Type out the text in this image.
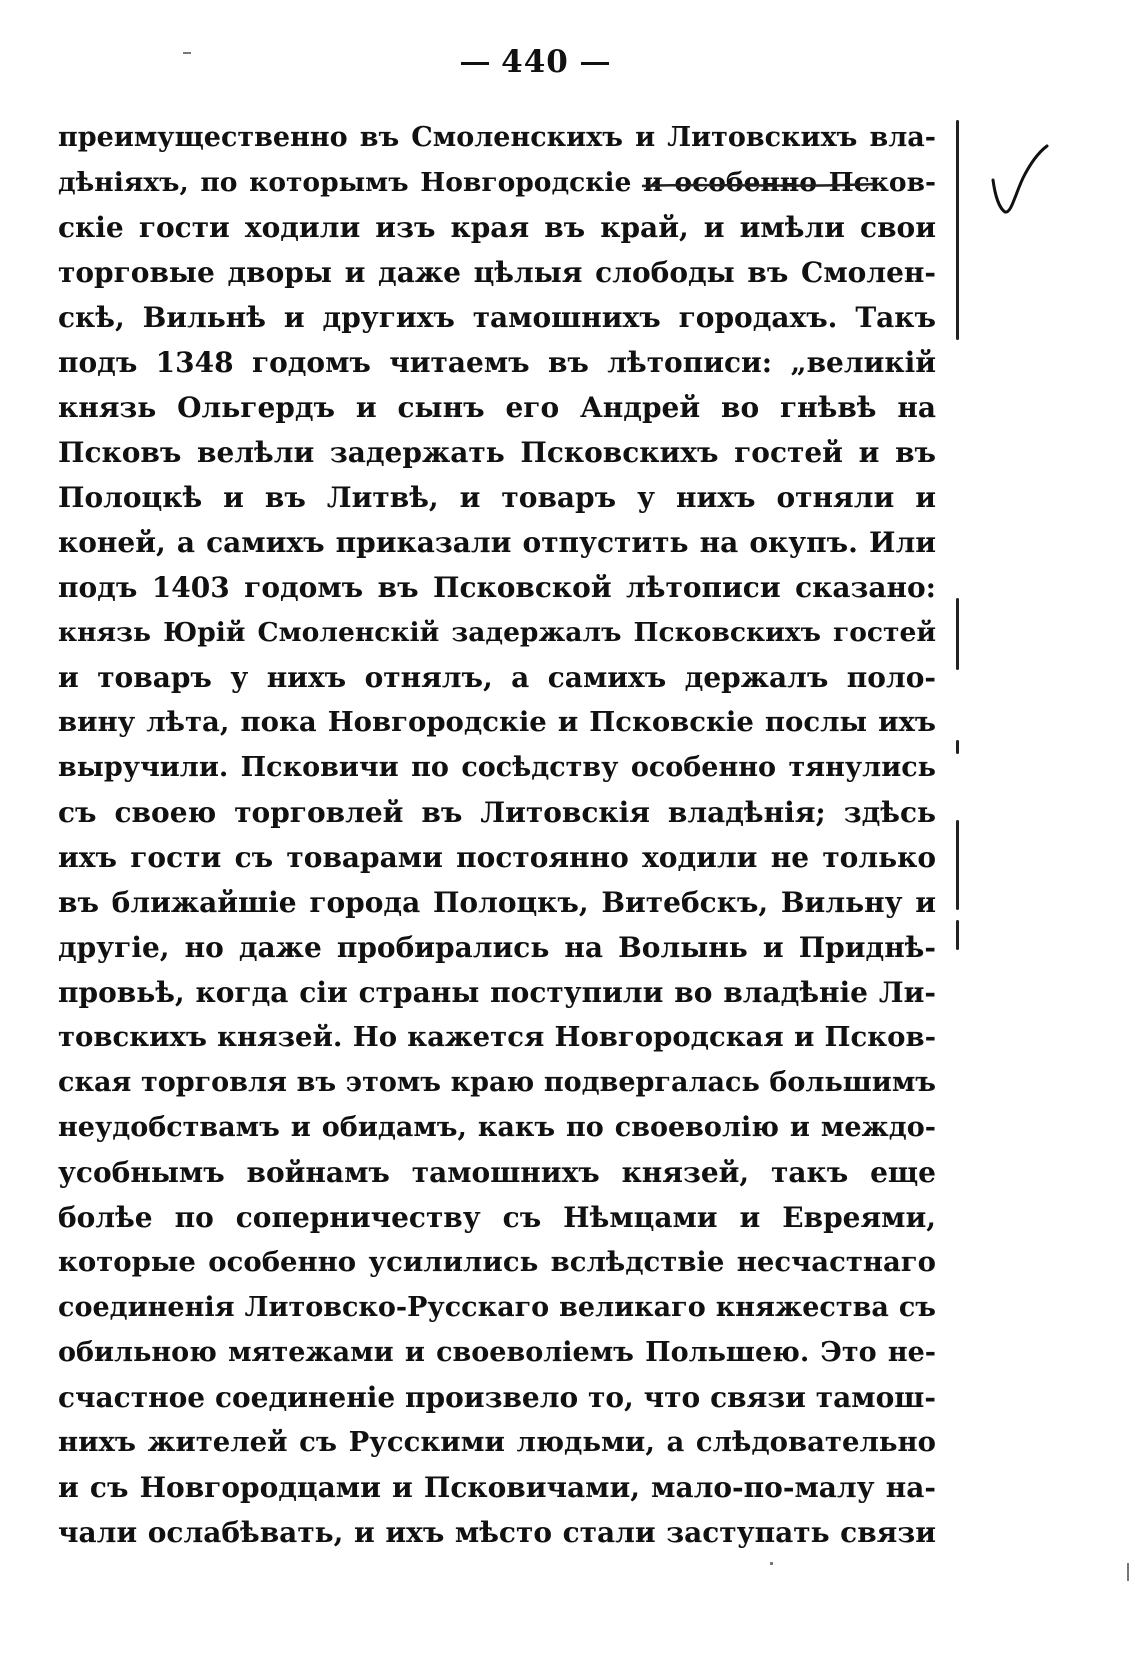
440
преимущественно въ Смоленскихъ и Литовскихъ вла-
дѣніяхъ, по которымъ Новгородскіе и особенно Псков-
скіе гости ходили изъ края въ край, и имѣли свои
торговые дворы и даже цѣлыя слободы въ Смолен-
скѣ, Вильнѣ и другихъ тамошнихъ городахъ. Такъ
подъ 1348 годомъ читаемъ въ лѣтописи: „великій
князь Ольгердъ и сынъ его Андрей во гнѣвѣ на
Псковъ велѣли задержать Псковскихъ гостей и въ
Полоцкѣ и въ Литвѣ, и товаръ у нихъ отняли и
коней, а самихъ приказали отпустить на окупъ. Или
подъ 1403 годомъ въ Псковской лѣтописи сказано:
князь Юрій Смоленскій задержалъ Псковскихъ гостей
и товаръ у нихъ отнялъ, а самихъ держалъ поло-
вину лѣта, пока Новгородскіе и Псковскіе послы ихъ
выручили. Псковичи по сосѣдству особенно тянулись
съ своею торговлей въ Литовскія владѣнія; здѣсь
ихъ гости съ товарами постоянно ходили не только
въ ближайшіе города Полоцкъ, Витебскъ, Вильну и
другіе, но даже пробирались на Волынь и Приднѣ-
провьѣ, когда сіи страны поступили во владѣніе Ли-
товскихъ князей. Но кажется Новгородская и Псков-
ская торговля въ этомъ краю подвергалась большимъ
неудобствамъ и обидамъ, какъ по своеволію и междо-
усобнымъ войнамъ тамошнихъ князей, такъ еще
болѣе по соперничеству съ Нѣмцами и Евреями,
которые особенно усилились вслѣдствіе несчастнаго
соединенія Литовско-Русскаго великаго княжества съ
обильною мятежами и своеволіемъ Польшею. Это не-
счастное соединеніе произвело то, что связи тамош-
нихъ жителей съ Русскими людьми, а слѣдовательно
и съ Новгородцами и Псковичами, мало-по-малу на-
чали ослабѣвать, и ихъ мѣсто стали заступать связи
